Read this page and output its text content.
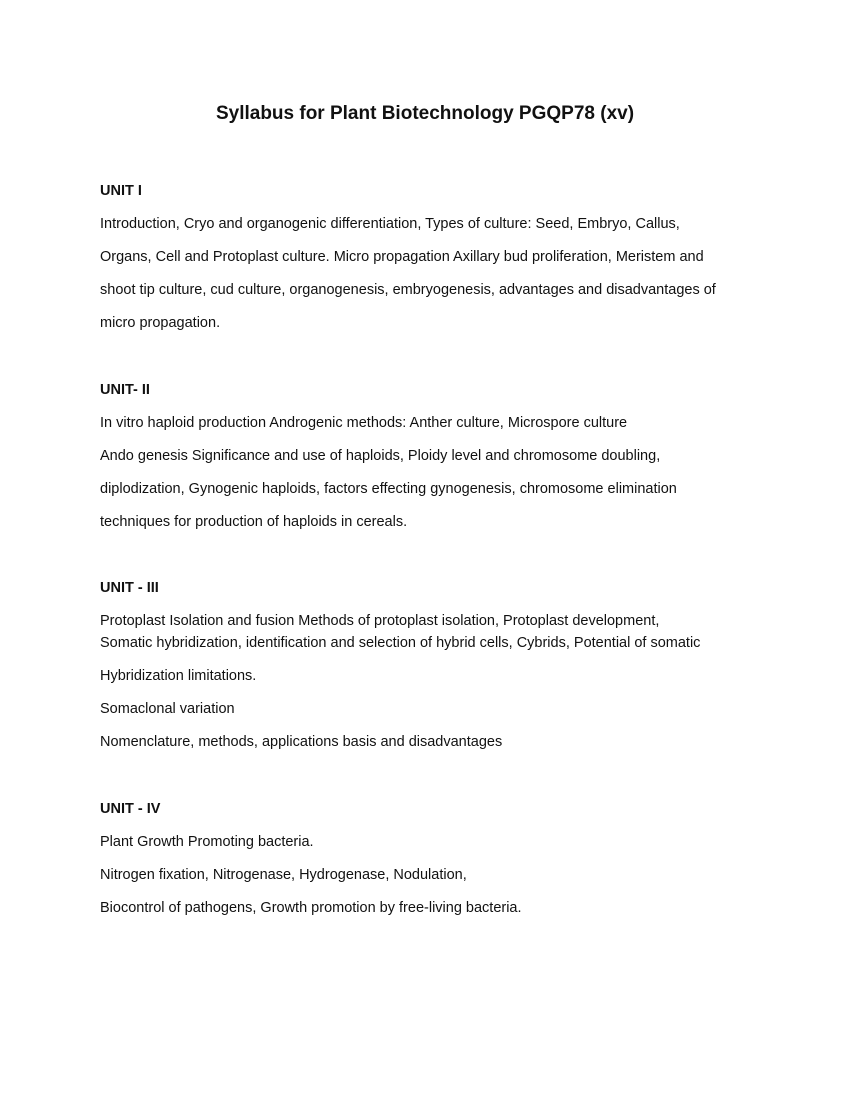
Syllabus for Plant Biotechnology PGQP78 (xv)
UNIT I
Introduction, Cryo and organogenic differentiation, Types of culture: Seed, Embryo, Callus,
Organs, Cell and Protoplast culture. Micro propagation Axillary bud proliferation, Meristem and
shoot tip culture, cud culture, organogenesis, embryogenesis, advantages and disadvantages of
micro propagation.
UNIT- II
In vitro haploid production Androgenic methods: Anther culture, Microspore culture
Ando genesis Significance and use of haploids, Ploidy level and chromosome doubling,
diplodization, Gynogenic haploids, factors effecting gynogenesis, chromosome elimination
techniques for production of haploids in cereals.
UNIT - III
Protoplast Isolation and fusion Methods of protoplast isolation, Protoplast development,
Somatic hybridization, identification and selection of hybrid cells, Cybrids, Potential of somatic
Hybridization limitations.
Somaclonal variation
Nomenclature, methods, applications basis and disadvantages
UNIT - IV
Plant Growth Promoting bacteria.
Nitrogen fixation, Nitrogenase, Hydrogenase, Nodulation,
Biocontrol of pathogens, Growth promotion by free-living bacteria.
